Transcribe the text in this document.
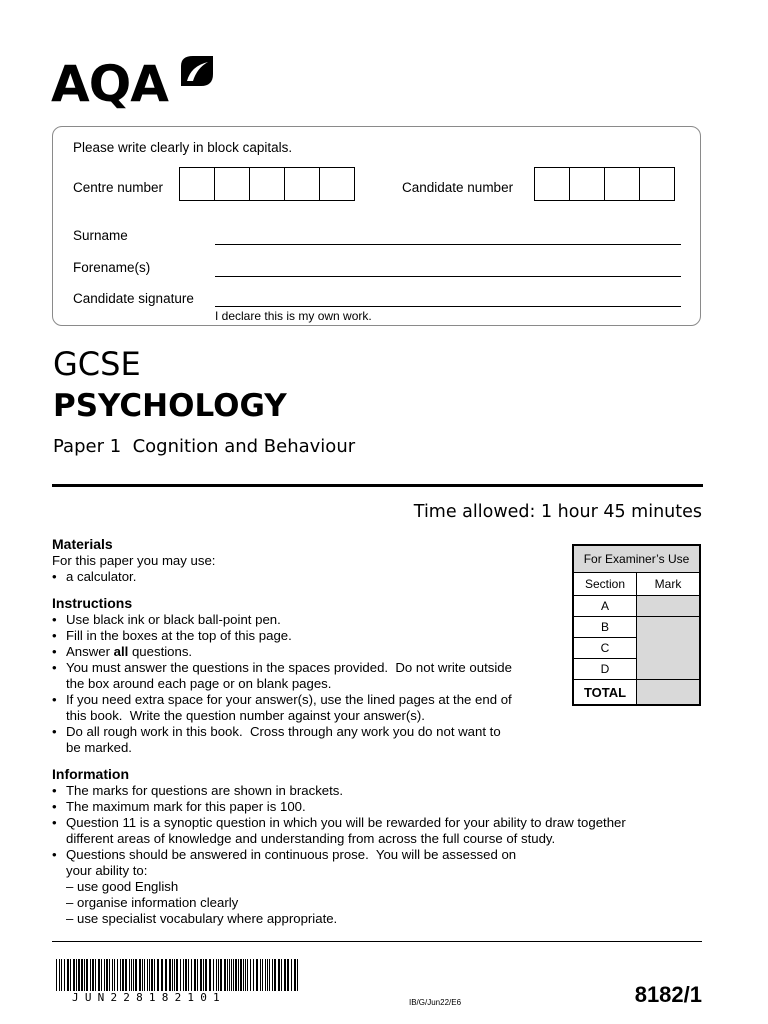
AQA
Please write clearly in block capitals.
Centre number	Candidate number
Surname
Forename(s)
Candidate signature
I declare this is my own work.
GCSE
PSYCHOLOGY
Paper 1  Cognition and Behaviour
Time allowed: 1 hour 45 minutes
Materials
For this paper you may use:
• a calculator.
Instructions
• Use black ink or black ball-point pen.
• Fill in the boxes at the top of this page.
• Answer all questions.
• You must answer the questions in the spaces provided.  Do not write outside
the box around each page or on blank pages.
• If you need extra space for your answer(s), use the lined pages at the end of
this book.  Write the question number against your answer(s).
• Do all rough work in this book.  Cross through any work you do not want to
be marked.
Information
• The marks for questions are shown in brackets.
• The maximum mark for this paper is 100.
• Question 11 is a synoptic question in which you will be rewarded for your ability to draw together
different areas of knowledge and understanding from across the full course of study.
• Questions should be answered in continuous prose.  You will be assessed on
your ability to:
– use good English
– organise information clearly
– use specialist vocabulary where appropriate.
For Examiner’s Use	
Section	Mark
A	
B	
C	
D	
TOTAL	
JUN228182101	IB/G/Jun22/E6	8182/1
